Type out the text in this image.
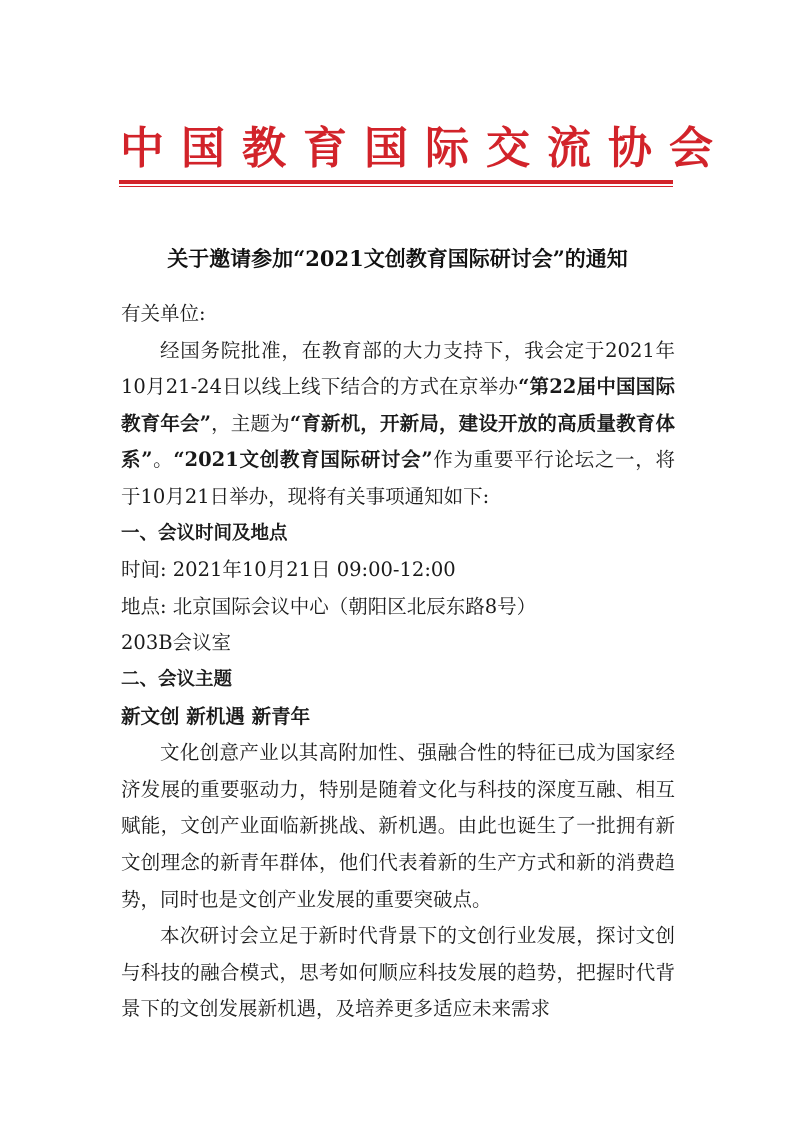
中国教育国际交流协会
关于邀请参加“2021文创教育国际研讨会”的通知

有关单位:

经国务院批准，在教育部的大力支持下，我会定于2021年10月21-24日以线上线下结合的方式在京举办“第22届中国国际教育年会”，主题为“育新机，开新局，建设开放的高质量教育体系”。“2021文创教育国际研讨会”作为重要平行论坛之一，将于10月21日举办，现将有关事项通知如下:

一、会议时间及地点

时间: 2021年10月21日 09:00-12:00

地点: 北京国际会议中心（朝阳区北辰东路8号）

203B会议室

二、会议主题

新文创 新机遇 新青年

文化创意产业以其高附加性、强融合性的特征已成为国家经济发展的重要驱动力，特别是随着文化与科技的深度互融、相互赋能，文创产业面临新挑战、新机遇。由此也诞生了一批拥有新文创理念的新青年群体，他们代表着新的生产方式和新的消费趋势，同时也是文创产业发展的重要突破点。

本次研讨会立足于新时代背景下的文创行业发展，探讨文创与科技的融合模式，思考如何顺应科技发展的趋势，把握时代背景下的文创发展新机遇，及培养更多适应未来需求
